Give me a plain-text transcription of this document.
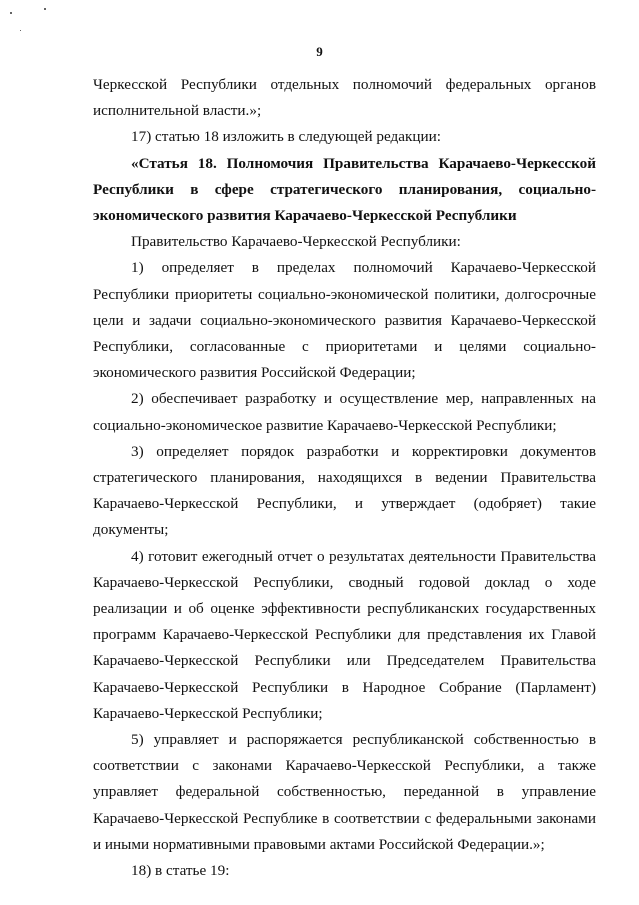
9

Черкесской Республики отдельных полномочий федеральных органов исполнительной власти.»;

17) статью 18 изложить в следующей редакции:

«Статья 18. Полномочия Правительства Карачаево-Черкесской Республики в сфере стратегического планирования, социально-экономического развития Карачаево-Черкесской Республики

Правительство Карачаево-Черкесской Республики:

1) определяет в пределах полномочий Карачаево-Черкесской Республики приоритеты социально-экономической политики, долгосрочные цели и задачи социально-экономического развития Карачаево-Черкесской Республики, согласованные с приоритетами и целями социально-экономического развития Российской Федерации;

2) обеспечивает разработку и осуществление мер, направленных на социально-экономическое развитие Карачаево-Черкесской Республики;

3) определяет порядок разработки и корректировки документов стратегического планирования, находящихся в ведении Правительства Карачаево-Черкесской Республики, и утверждает (одобряет) такие документы;

4) готовит ежегодный отчет о результатах деятельности Правительства Карачаево-Черкесской Республики, сводный годовой доклад о ходе реализации и об оценке эффективности республиканских государственных программ Карачаево-Черкесской Республики для представления их Главой Карачаево-Черкесской Республики или Председателем Правительства Карачаево-Черкесской Республики в Народное Собрание (Парламент) Карачаево-Черкесской Республики;

5) управляет и распоряжается республиканской собственностью в соответствии с законами Карачаево-Черкесской Республики, а также управляет федеральной собственностью, переданной в управление Карачаево-Черкесской Республике в соответствии с федеральными законами и иными нормативными правовыми актами Российской Федерации.»;

18) в статье 19:
